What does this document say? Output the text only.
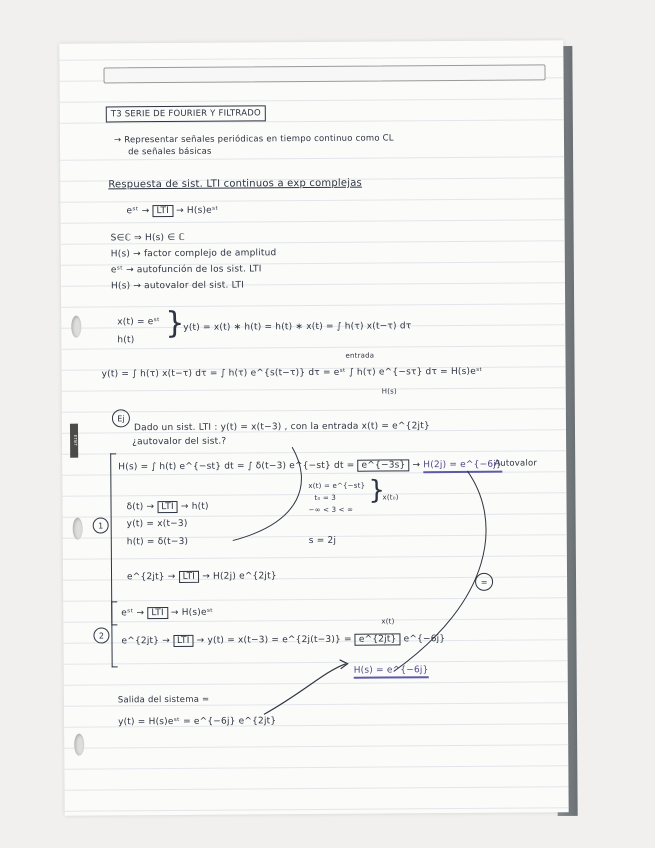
ETSIT
T3 SERIE DE FOURIER Y FILTRADO
→ Representar señales periódicas en tiempo continuo como CL
de señales básicas
Respuesta de sist. LTI continuos a exp complejas
eˢᵗ → LTI → H(s)eˢᵗ
S∈ℂ ⇒ H(s) ∈ ℂ
H(s) → factor complejo de amplitud
eˢᵗ → autofunción de los sist. LTI
H(s) → autovalor del sist. LTI
x(t) = eˢᵗ
h(t) }
y(t) = x(t) ∗ h(t) = h(t) ∗ x(t) = ∫ h(τ) x(t−τ) dτ
entrada
y(t) = ∫ h(τ) x(t−τ) dτ = ∫ h(τ) e^{s(t−τ)} dτ = eˢᵗ ∫ h(τ) e^{−sτ} dτ = H(s)eˢᵗ
H(s)
Ej
Dado un sist. LTI : y(t) = x(t−3) , con la entrada x(t) = e^{2jt}
¿autovalor del sist.?
H(s) = ∫ h(t) e^{−st} dt = ∫ δ(t−3) e^{−st} dt = e^{−3s} → H(2j) = e^{−6j}
Autovalor
x(t) = e^{−st}
t₀ = 3
−∞ < 3 < ∞
}
x(t₀)
1
δ(t) → LTI → h(t)
y(t) = x(t−3)
h(t) = δ(t−3)	s = 2j
e^{2jt} → LTI → H(2j) e^{2jt}
=
2
eˢᵗ → LTI → H(s)eˢᵗ
x(t)
e^{2jt} → LTI → y(t) = x(t−3) = e^{2j(t−3)} = e^{2jt} e^{−6j}
H(s) = e^{−6j}
Salida del sistema =
y(t) = H(s)eˢᵗ = e^{−6j} e^{2jt}
